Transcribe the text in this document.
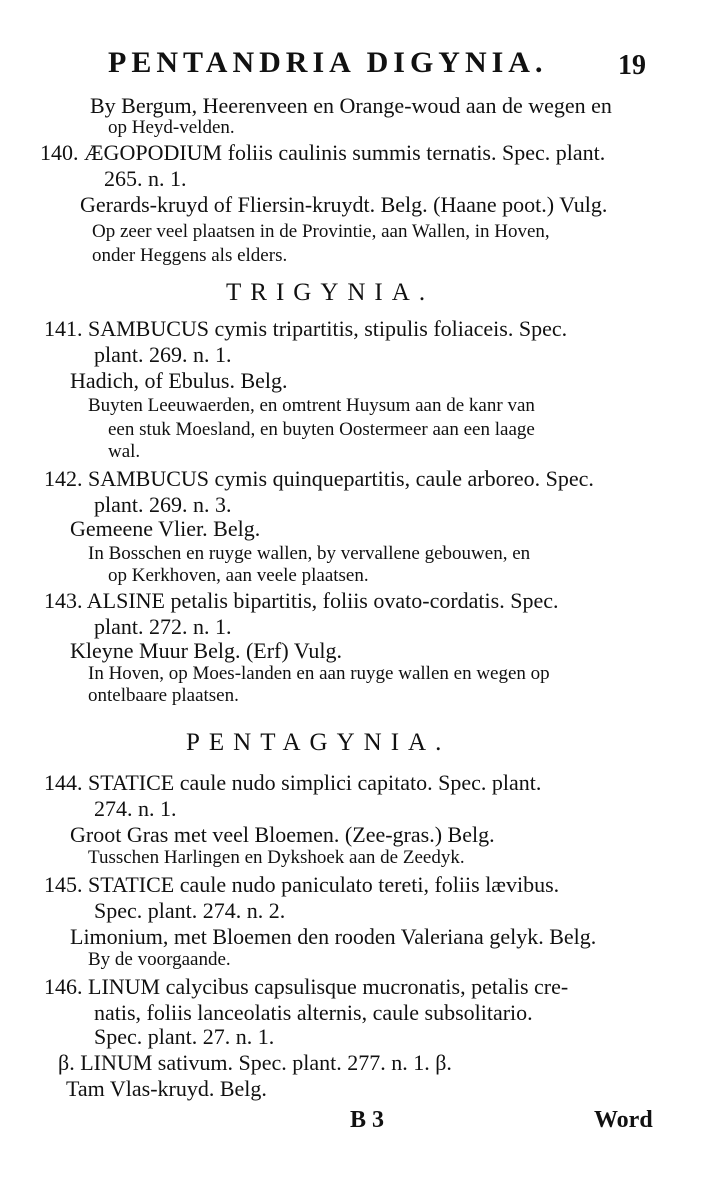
PENTANDRIA DIGYNIA.	19
By Bergum, Heerenveen en Orange-woud aan de wegen en
op Heyd-velden.
140. ÆGOPODIUM foliis caulinis summis ternatis. Spec. plant.
265. n. 1.
Gerards-kruyd of Fliersin-kruydt. Belg. (Haane poot.) Vulg.
Op zeer veel plaatsen in de Provintie, aan Wallen, in Hoven,
onder Heggens als elders.
TRIGYNIA.
141. SAMBUCUS cymis tripartitis, stipulis foliaceis. Spec.
plant. 269. n. 1.
Hadich, of Ebulus. Belg.
Buyten Leeuwaerden, en omtrent Huysum aan de kanr van
een stuk Moesland, en buyten Oostermeer aan een laage
wal.
142. SAMBUCUS cymis quinquepartitis, caule arboreo. Spec.
plant. 269. n. 3.
Gemeene Vlier. Belg.
In Bosschen en ruyge wallen, by vervallene gebouwen, en
op Kerkhoven, aan veele plaatsen.
143. ALSINE petalis bipartitis, foliis ovato-cordatis. Spec.
plant. 272. n. 1.
Kleyne Muur Belg. (Erf) Vulg.
In Hoven, op Moes-landen en aan ruyge wallen en wegen op
ontelbaare plaatsen.
PENTAGYNIA.
144. STATICE caule nudo simplici capitato. Spec. plant.
274. n. 1.
Groot Gras met veel Bloemen. (Zee-gras.) Belg.
Tusschen Harlingen en Dykshoek aan de Zeedyk.
145. STATICE caule nudo paniculato tereti, foliis lævibus.
Spec. plant. 274. n. 2.
Limonium, met Bloemen den rooden Valeriana gelyk. Belg.
By de voorgaande.
146. LINUM calycibus capsulisque mucronatis, petalis cre-
natis, foliis lanceolatis alternis, caule subsolitario.
Spec. plant. 27. n. 1.
β. LINUM sativum. Spec. plant. 277. n. 1. β.
Tam Vlas-kruyd. Belg.
B 3	Word
